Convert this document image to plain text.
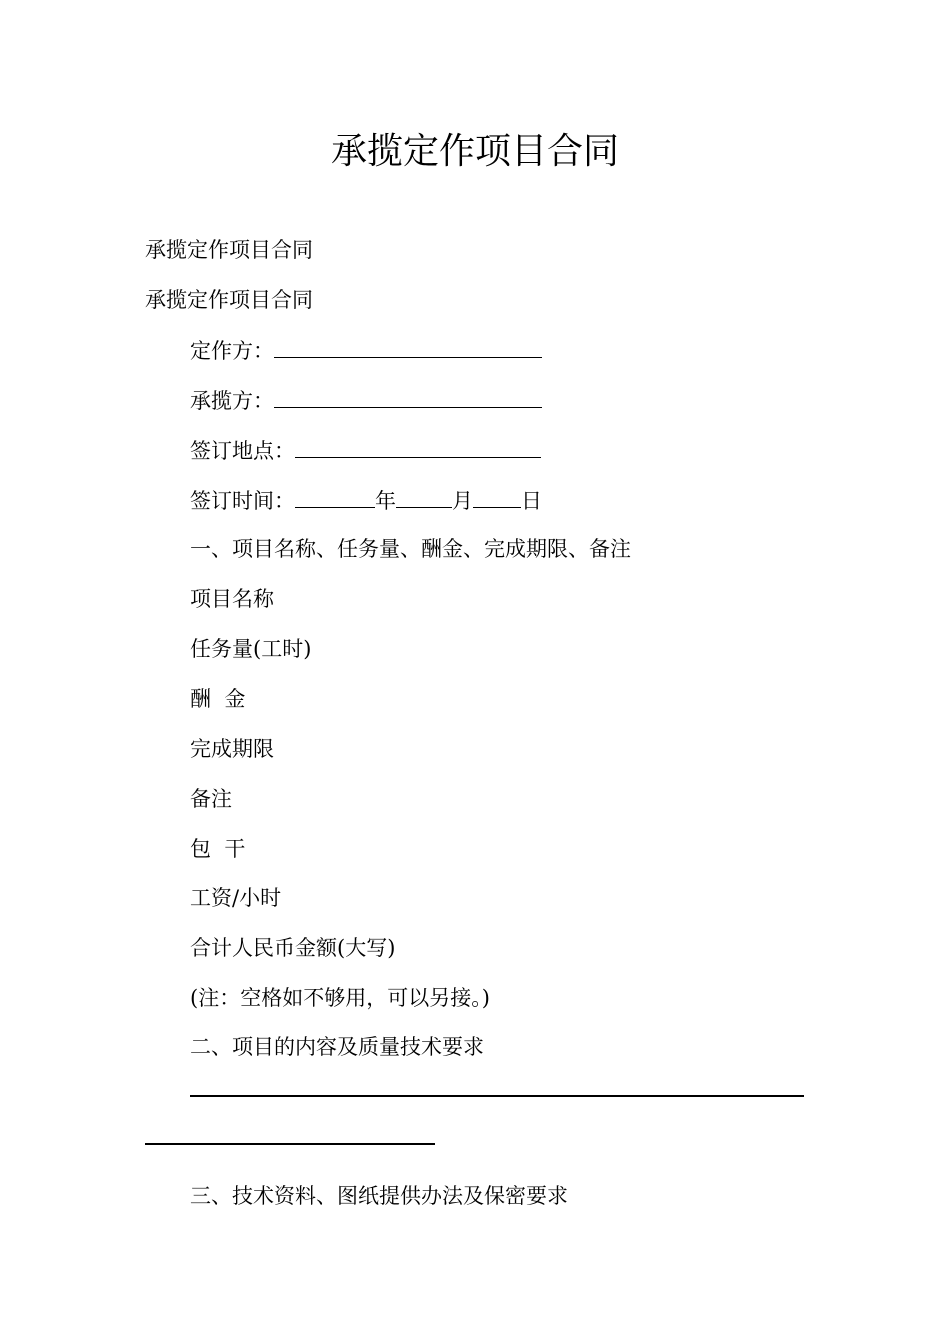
承揽定作项目合同
承揽定作项目合同
承揽定作项目合同
定作方：
承揽方：
签订地点：
签订时间：	年	月 日
一、项目名称、任务量、酬金、完成期限、备注
项目名称
任务量(工时)
酬  金
完成期限
备注
包  干
工资/小时
合计人民币金额(大写)
(注：空格如不够用，可以另接。)
二、项目的内容及质量技术要求
三、技术资料、图纸提供办法及保密要求
